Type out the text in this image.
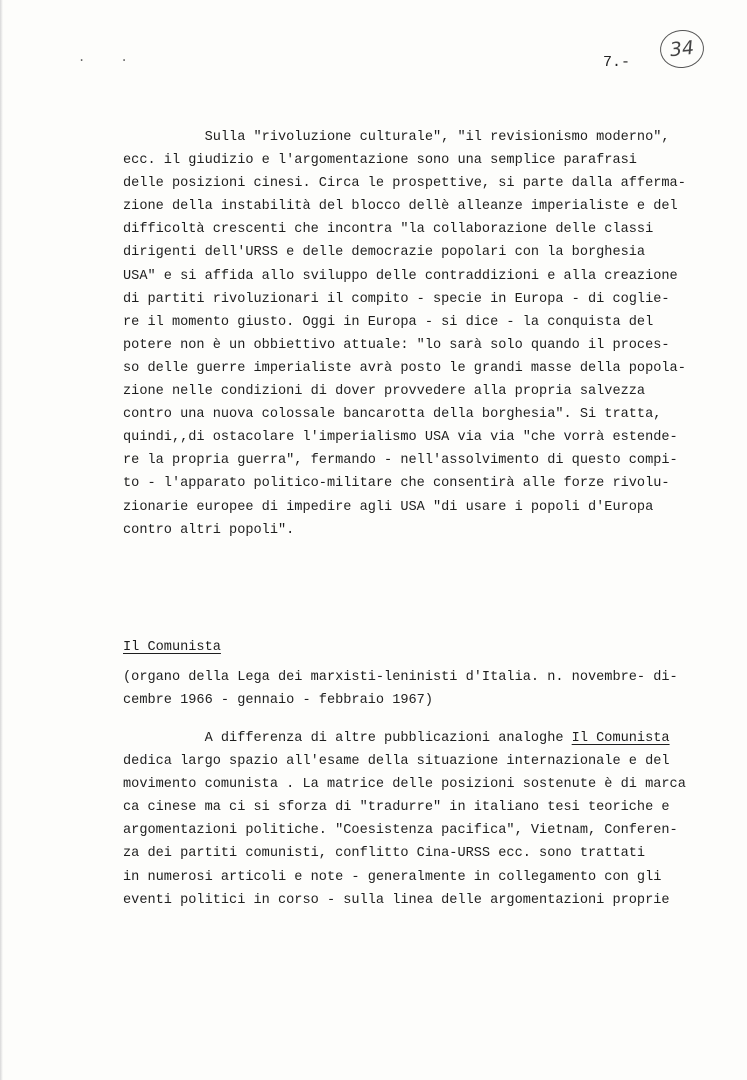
. .	7.-
34
Sulla "rivoluzione culturale", "il revisionismo moderno",
ecc. il giudizio e l'argomentazione sono una semplice parafrasi
delle posizioni cinesi. Circa le prospettive, si parte dalla afferma-
zione della instabilità del blocco dellè alleanze imperialiste e del
difficoltà crescenti che incontra "la collaborazione delle classi
dirigenti dell'URSS e delle democrazie popolari con la borghesia
USA" e si affida allo sviluppo delle contraddizioni e alla creazione
di partiti rivoluzionari il compito - specie in Europa - di coglie-
re il momento giusto. Oggi in Europa - si dice - la conquista del
potere non è un obbiettivo attuale: "lo sarà solo quando il proces-
so delle guerre imperialiste avrà posto le grandi masse della popola-
zione nelle condizioni di dover provvedere alla propria salvezza
contro una nuova colossale bancarotta della borghesia". Si tratta,
quindi,,di ostacolare l'imperialismo USA via via "che vorrà estende-
re la propria guerra", fermando - nell'assolvimento di questo compi-
to - l'apparato politico-militare che consentirà alle forze rivolu-
zionarie europee di impedire agli USA "di usare i popoli d'Europa
contro altri popoli".
Il Comunista
(organo della Lega dei marxisti-leninisti d'Italia. n. novembre- di-
cembre 1966 - gennaio - febbraio 1967)
A differenza di altre pubblicazioni analoghe Il Comunista
dedica largo spazio all'esame della situazione internazionale e del
movimento comunista . La matrice delle posizioni sostenute è di marca
ca cinese ma ci si sforza di "tradurre" in italiano tesi teoriche e
argomentazioni politiche. "Coesistenza pacifica", Vietnam, Conferen-
za dei partiti comunisti, conflitto Cina-URSS ecc. sono trattati
in numerosi articoli e note - generalmente in collegamento con gli
eventi politici in corso - sulla linea delle argomentazioni proprie
